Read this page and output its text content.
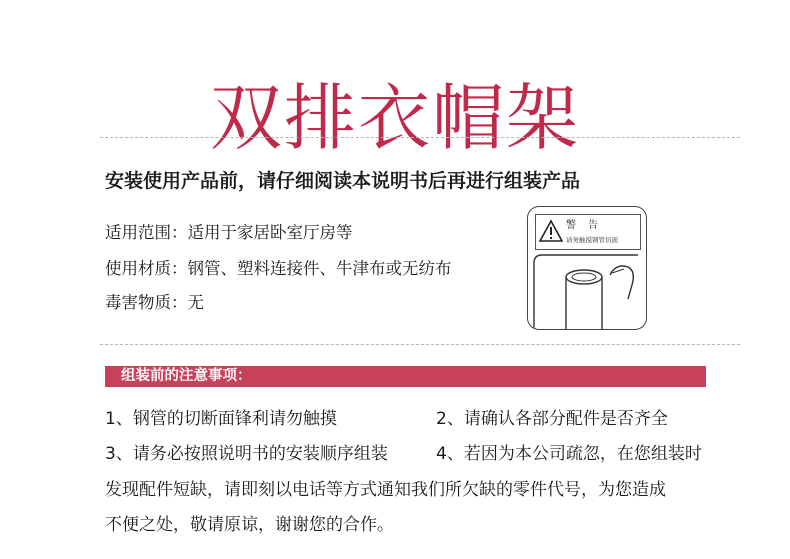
双排衣帽架
安装使用产品前，请仔细阅读本说明书后再进行组装产品
适用范围：适用于家居卧室厅房等
使用材质：钢管、塑料连接件、牛津布或无纺布
毒害物质：无
警告
请务触摸钢管切面
组装前的注意事项：
1、钢管的切断面锋利请勿触摸	2、请确认各部分配件是否齐全
3、请务必按照说明书的安装顺序组装	4、若因为本公司疏忽，在您组装时
发现配件短缺，请即刻以电话等方式通知我们所欠缺的零件代号，为您造成
不便之处，敬请原谅，谢谢您的合作。
